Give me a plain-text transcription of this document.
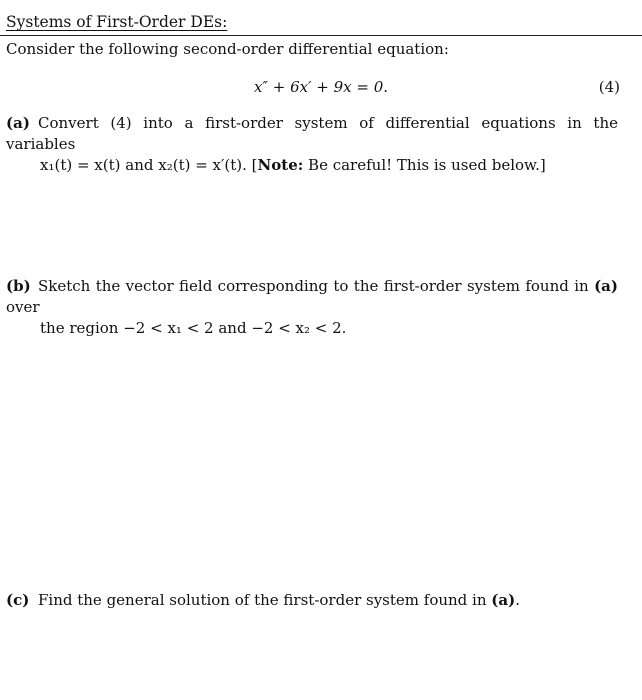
Systems of First-Order DEs:
Consider the following second-order differential equation:
x″ + 6x′ + 9x = 0.	(4)
(a) Convert (4) into a first-order system of differential equations in the variables
x₁(t) = x(t) and x₂(t) = x′(t). [Note: Be careful! This is used below.]
(b) Sketch the vector field corresponding to the first-order system found in (a) over
the region −2 < x₁ < 2 and −2 < x₂ < 2.
(c) Find the general solution of the first-order system found in (a).
